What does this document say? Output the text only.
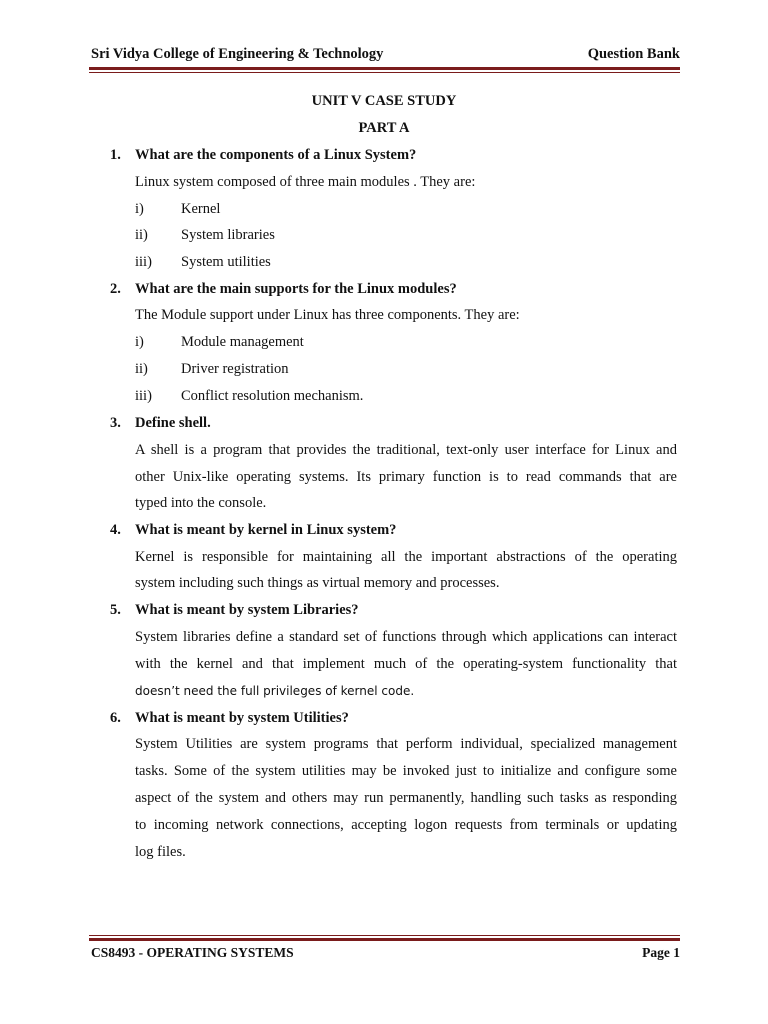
Sri Vidya College of Engineering & Technology	Question Bank
UNIT V CASE STUDY
PART A
1. What are the components of a Linux System?
Linux system composed of three main modules . They are:
i)	Kernel
ii) System libraries
iii) System utilities
2. What are the main supports for the Linux modules?
The Module support under Linux has three components. They are:
i)	Module management
ii) Driver registration
iii) Conflict resolution mechanism.
3. Define shell.
A shell is a program that provides the traditional, text-only user interface for Linux and
other Unix-like operating systems. Its primary function is to read commands that are
typed into the console.
4. What is meant by kernel in Linux system?
Kernel is responsible for maintaining all the important abstractions of the operating
system including such things as virtual memory and processes.
5. What is meant by system Libraries?
System libraries define a standard set of functions through which applications can interact
with the kernel and that implement much of the operating-system functionality that
doesn’t need the full privileges of kernel code.
6. What is meant by system Utilities?
System Utilities are system programs that perform individual, specialized management
tasks. Some of the system utilities may be invoked just to initialize and configure some
aspect of the system and others may run permanently, handling such tasks as responding
to incoming network connections, accepting logon requests from terminals or updating
log files.
CS8493 - OPERATING SYSTEMS	Page 1
